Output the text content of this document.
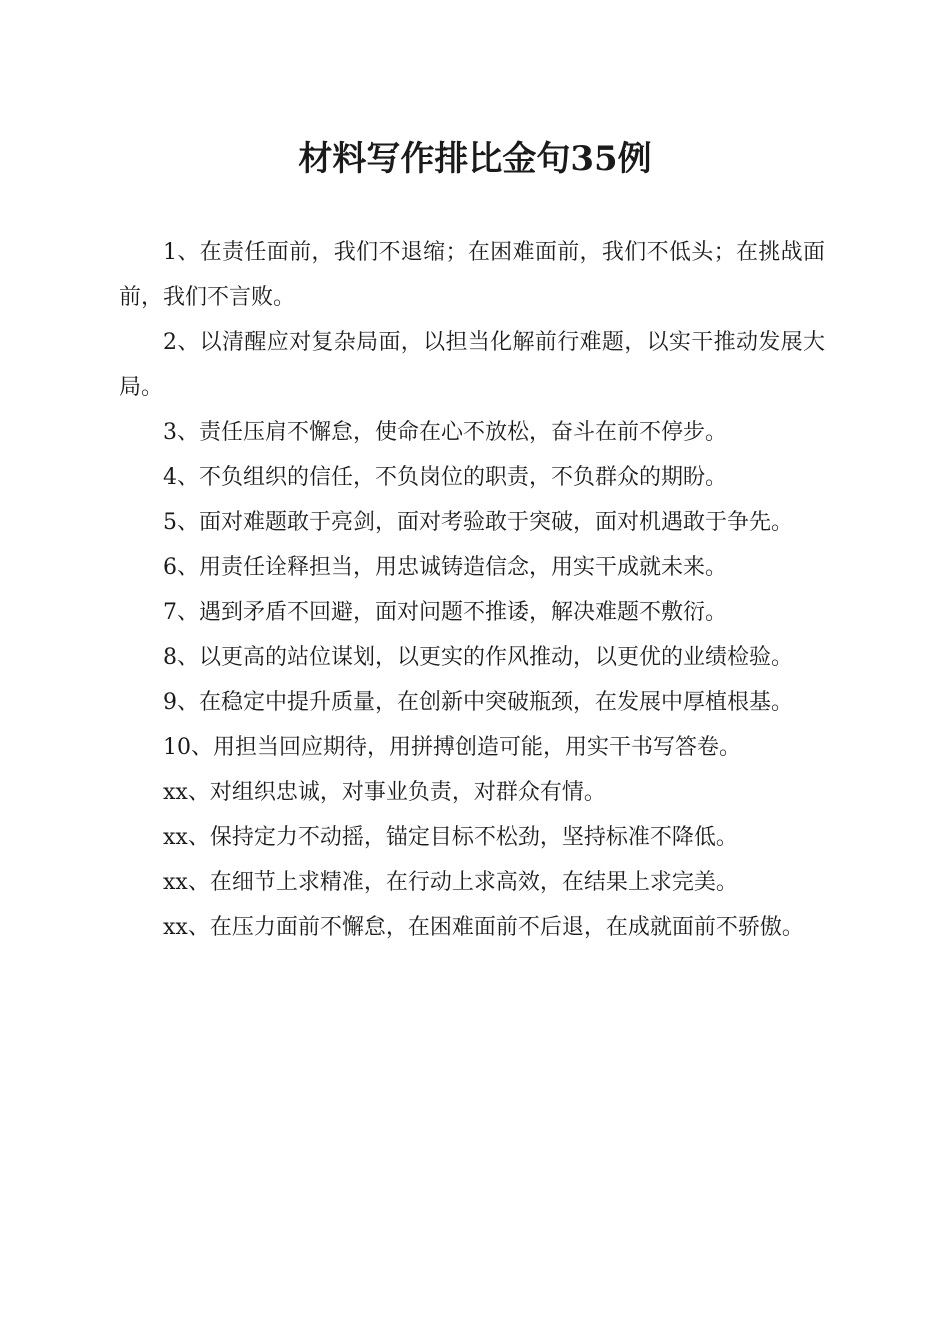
材料写作排比金句35例

1、在责任面前，我们不退缩；在困难面前，我们不低头；在挑战面前，我们不言败。

2、以清醒应对复杂局面，以担当化解前行难题，以实干推动发展大局。

3、责任压肩不懈怠，使命在心不放松，奋斗在前不停步。

4、不负组织的信任，不负岗位的职责，不负群众的期盼。

5、面对难题敢于亮剑，面对考验敢于突破，面对机遇敢于争先。

6、用责任诠释担当，用忠诚铸造信念，用实干成就未来。

7、遇到矛盾不回避，面对问题不推诿，解决难题不敷衍。

8、以更高的站位谋划，以更实的作风推动，以更优的业绩检验。

9、在稳定中提升质量，在创新中突破瓶颈，在发展中厚植根基。

10、用担当回应期待，用拼搏创造可能，用实干书写答卷。

xx、对组织忠诚，对事业负责，对群众有情。

xx、保持定力不动摇，锚定目标不松劲，坚持标准不降低。

xx、在细节上求精准，在行动上求高效，在结果上求完美。

xx、在压力面前不懈怠，在困难面前不后退，在成就面前不骄傲。
